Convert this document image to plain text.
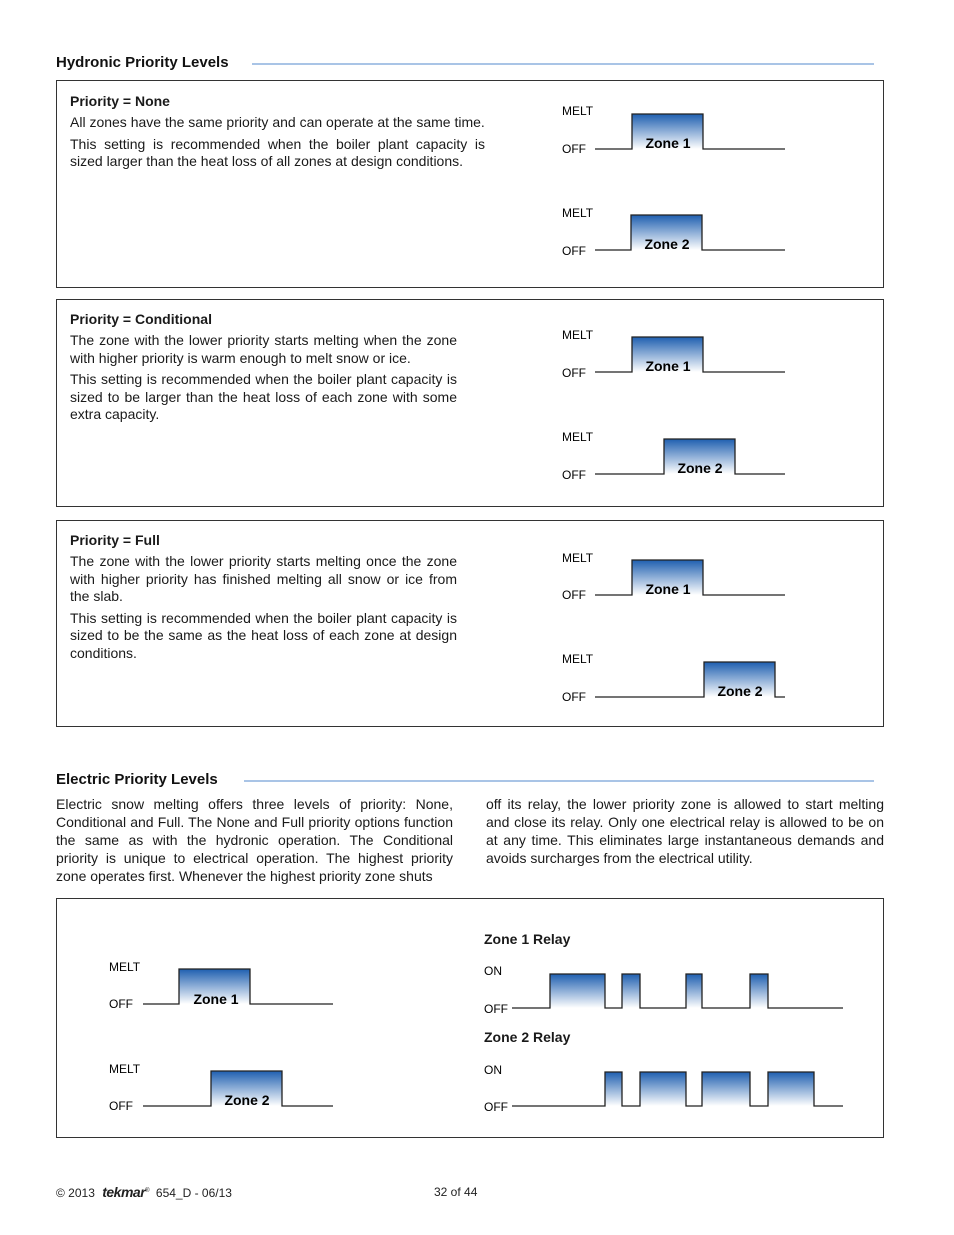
Hydronic Priority Levels
Priority = None

All zones have the same priority and can operate at the same time.

This setting is recommended when the boiler plant capacity is sized larger than the heat loss of all zones at design conditions.

MELT
OFF	Zone 1
MELT
OFF	Zone 2
Priority = Conditional

The zone with the lower priority starts melting when the zone with higher priority is warm enough to melt snow or ice.

This setting is recommended when the boiler plant capacity is sized to be larger than the heat loss of each zone with some extra capacity.

MELT
OFF	Zone 1
MELT
OFF	Zone 2
Priority = Full

The zone with the lower priority starts melting once the zone with higher priority has finished melting all snow or ice from the slab.

This setting is recommended when the boiler plant capacity is sized to be the same as the heat loss of each zone at design conditions.

MELT
OFF	Zone 1
MELT
OFF	Zone 2
Electric Priority Levels

Electric snow melting offers three levels of priority: None, Conditional and Full. The None and Full priority options function the same as with the hydronic operation. The Conditional priority is unique to electrical operation. The highest priority zone operates first. Whenever the highest priority zone shuts

off its relay, the lower priority zone is allowed to start melting and close its relay. Only one electrical relay is allowed to be on at any time. This eliminates large instantaneous demands and avoids surcharges from the electrical utility.

MELT
OFF	Zone 1
MELT
OFF	Zone 2
Zone 1 Relay
Zone 2 Relay
ON
OFF
ON
OFF
© 2013 tekmar® 654_D - 06/13	32 of 44
